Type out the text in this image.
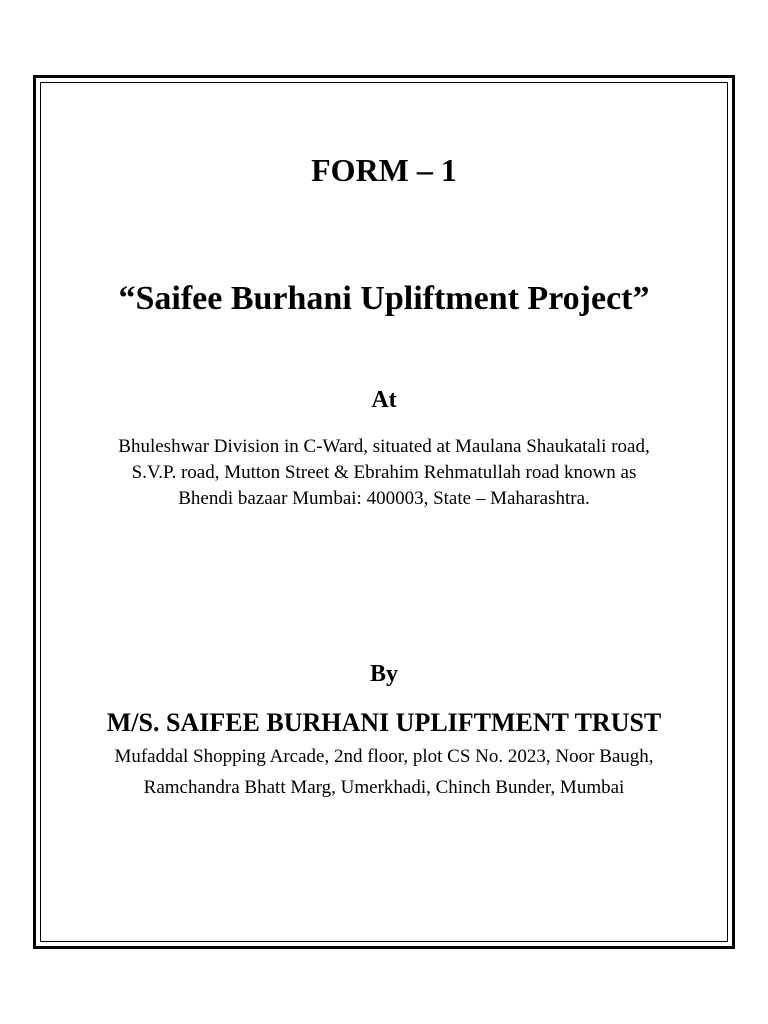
FORM – 1
“Saifee Burhani Upliftment Project”
At
Bhuleshwar Division in C-Ward, situated at Maulana Shaukatali road,
S.V.P. road, Mutton Street & Ebrahim Rehmatullah road known as
Bhendi bazaar Mumbai: 400003, State – Maharashtra.
By
M/S. SAIFEE BURHANI UPLIFTMENT TRUST
Mufaddal Shopping Arcade, 2nd floor, plot CS No. 2023, Noor Baugh,
Ramchandra Bhatt Marg, Umerkhadi, Chinch Bunder, Mumbai
